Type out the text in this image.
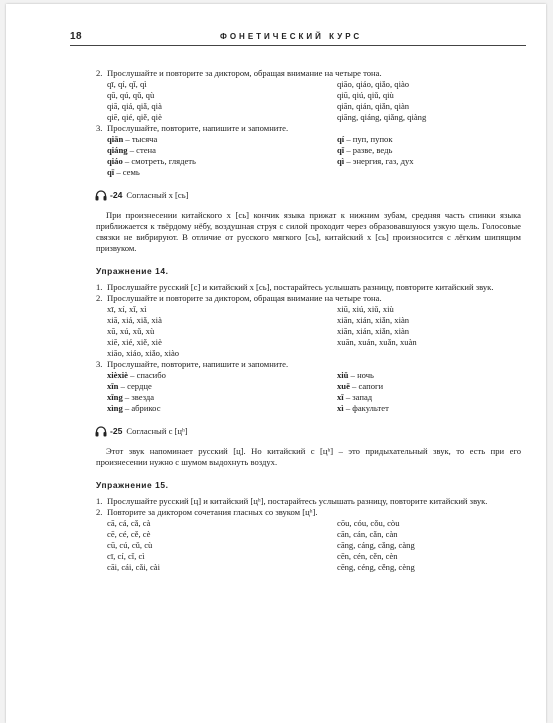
18	ФОНЕТИЧЕСКИЙ КУРС

2. Прослушайте и повторите за диктором, обращая внимание на четыре тона.

qī, qí, qǐ, qì	qiāo, qiáo, qiǎo, qiào
qū, qú, qǔ, qù	qiū, qiú, qiǔ, qiù
qiā, qiá, qiǎ, qià	qiān, qián, qiǎn, qiàn
qiē, qié, qiě, qiè	qiāng, qiáng, qiǎng, qiàng

3. Прослушайте, повторите, напишите и запомните.

qiān – тысяча	qí – пуп, пупок
qiáng – стена	qǐ – разве, ведь
qiáo – смотреть, глядеть	qì – энергия, газ, дух
qī – семь
-24 Согласный x [сь]

При произнесении китайского x [сь] кончик языка прижат к нижним зубам, средняя часть спинки языка приближается к твёрдому нёбу, воздушная струя с силой проходит через образовавшуюся узкую щель. Голосовые связки не вибрируют. В отличие от русского мягкого [сь], китайский x [сь] произносится с лёгким шипящим призвуком.

Упражнение 14.

1. Прослушайте русский [с] и китайский x [сь], постарайтесь услышать разницу, повторите китайский звук.

2. Прослушайте и повторите за диктором, обращая внимание на четыре тона.

xī, xí, xǐ, xì	xiū, xiú, xiǔ, xiù
xiā, xiá, xiǎ, xià	xiān, xián, xiǎn, xiàn
xū, xú, xǔ, xù	xiān, xián, xiǎn, xiàn
xiē, xié, xiě, xiè	xuān, xuán, xuǎn, xuàn
xiāo, xiáo, xiǎo, xiào

3. Прослушайте, повторите, напишите и запомните.

xièxiè – спасибо	xiǔ – ночь
xīn – сердце	xuē – сапоги
xīng – звезда	xī – запад
xìng – абрикос	xì – факультет
-25 Согласный c [цʰ]

Этот звук напоминает русский [ц]. Но китайский c [цʰ] – это придыхательный звук, то есть при его произнесении нужно с шумом выдохнуть воздух.

Упражнение 15.

1. Прослушайте русский [ц] и китайский [цʰ], постарайтесь услышать разницу, повторите китайский звук.

2. Повторите за диктором сочетания гласных со звуком [цʰ].

cā, cá, cǎ, cà	cōu, cóu, cǒu, còu
cē, cé, cě, cè	cān, cán, cǎn, càn
cū, cú, cǔ, cù	cāng, cáng, cǎng, càng
cī, cí, cǐ, cì	cēn, cén, cěn, cèn
cāi, cái, cǎi, cài	cēng, céng, cěng, cèng
